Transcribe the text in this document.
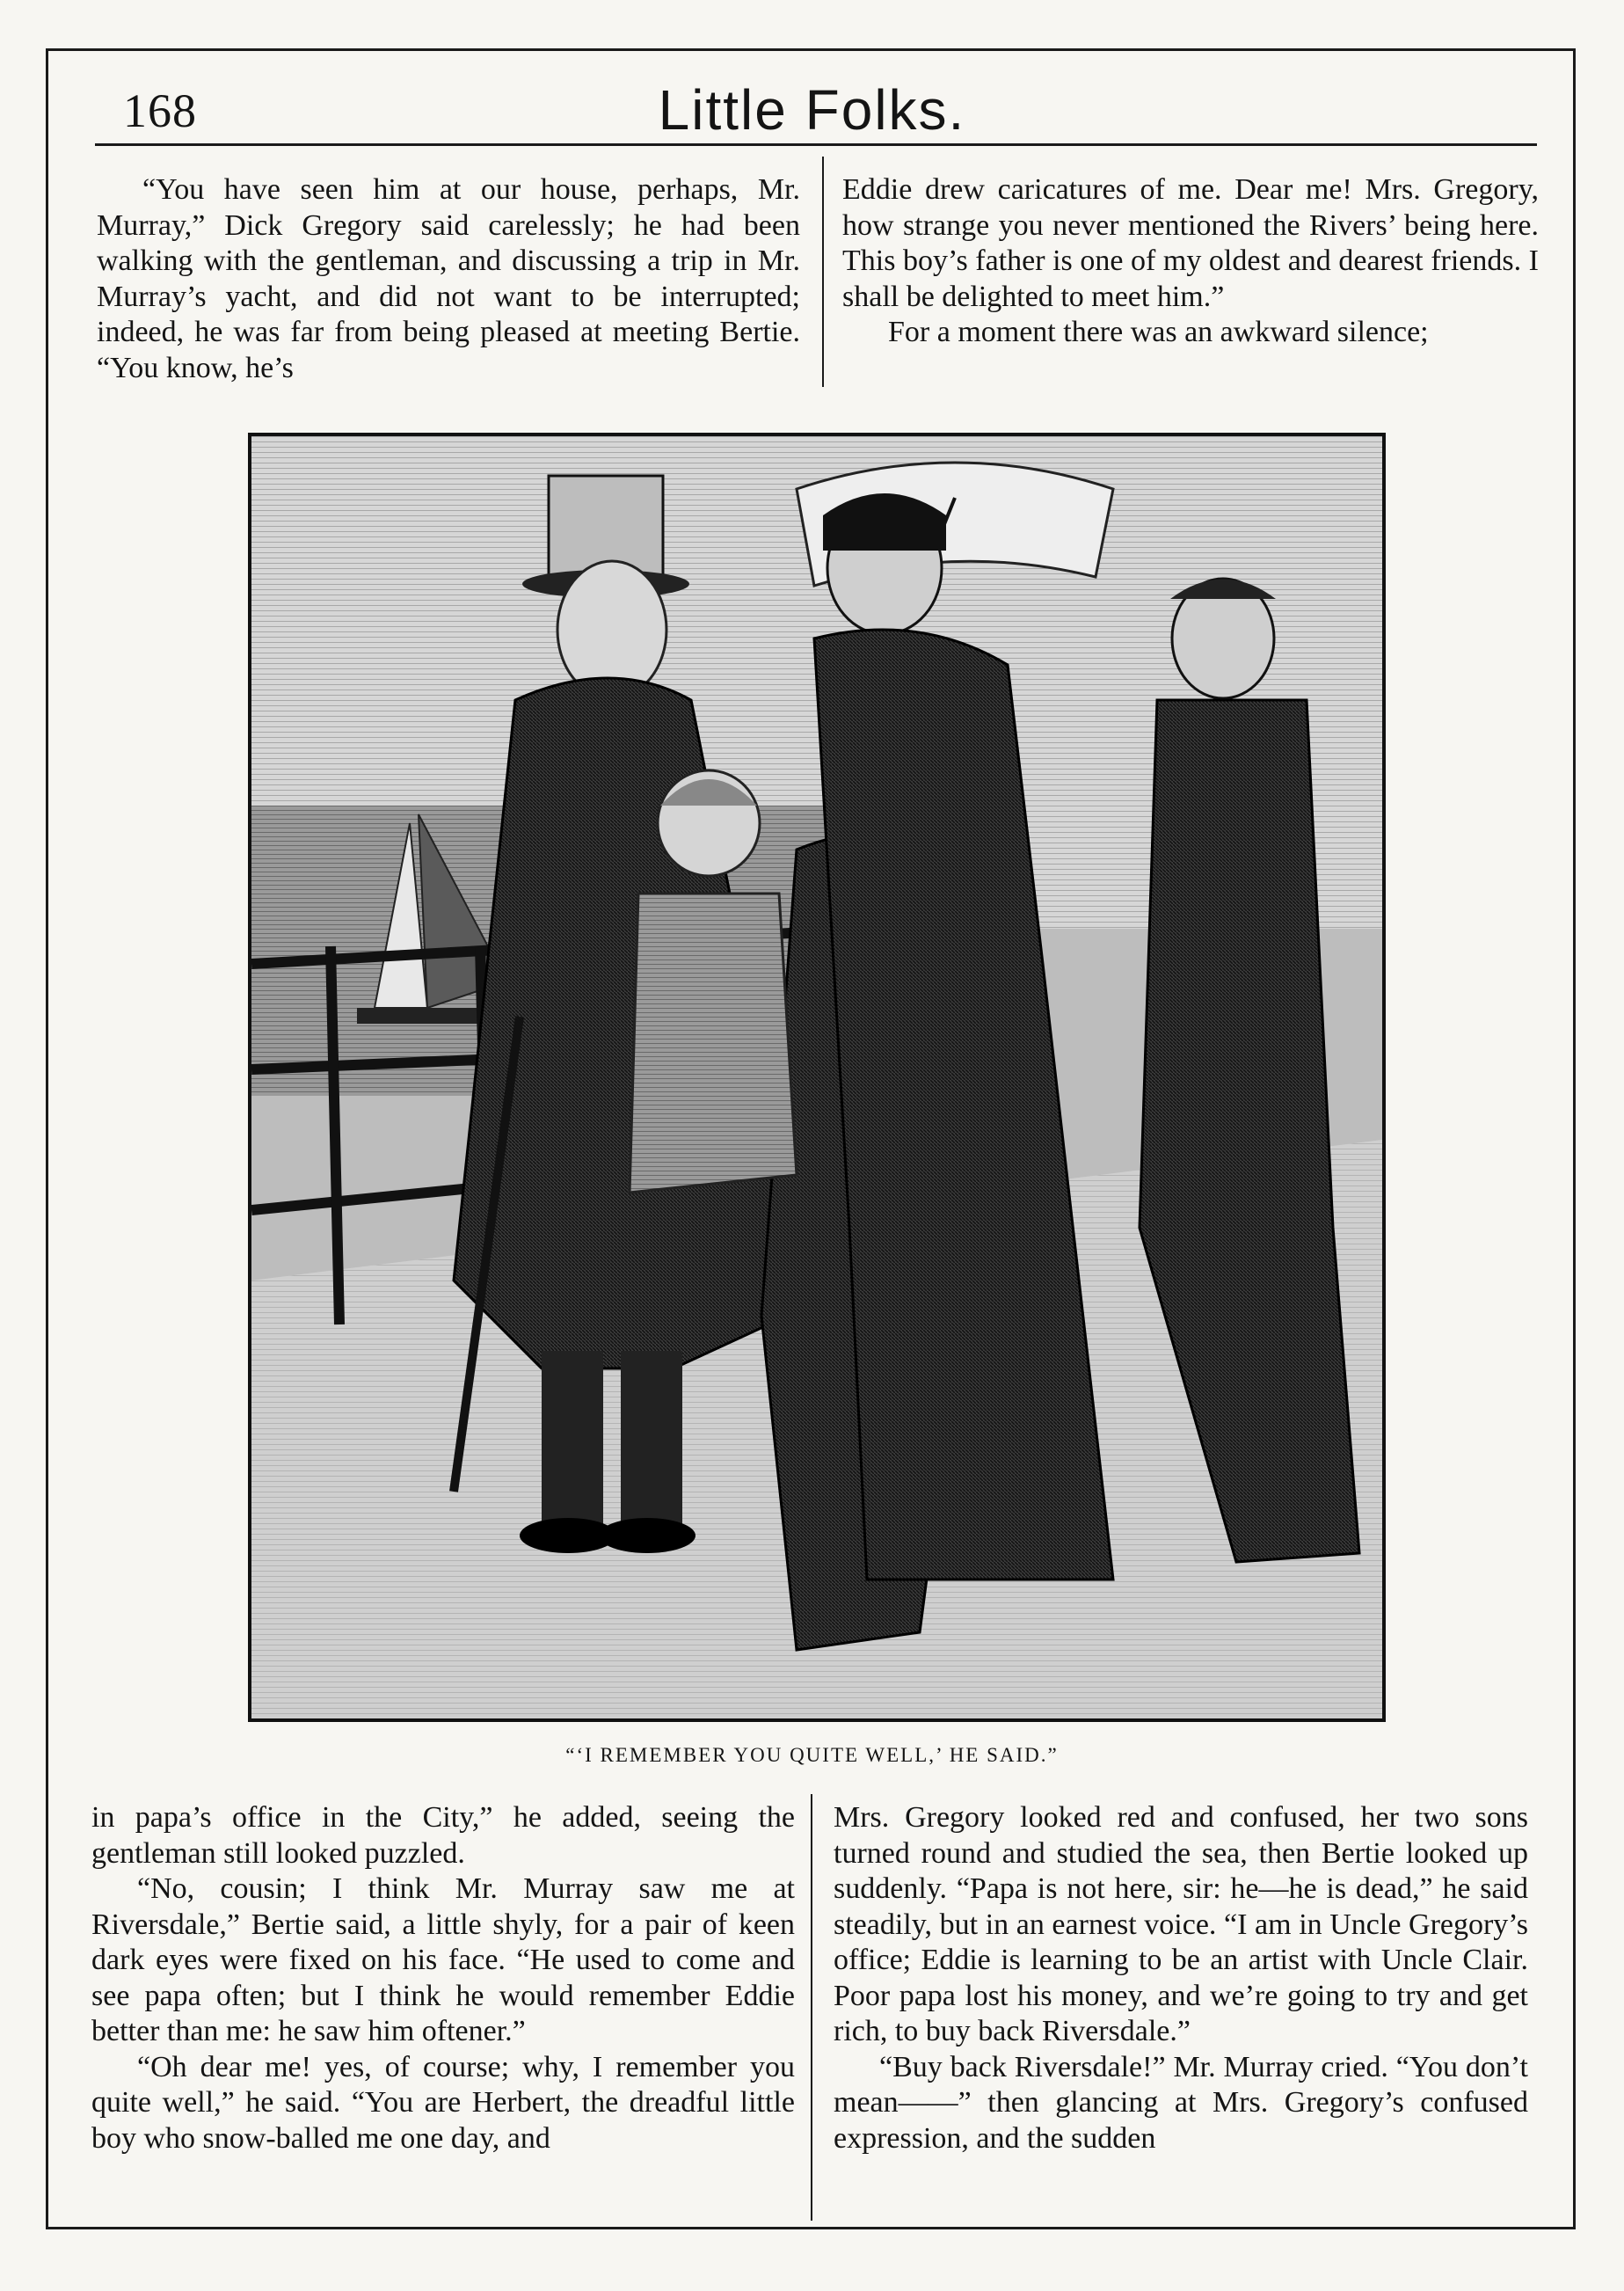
168	Little Folks.

“You have seen him at our house, perhaps, Mr. Murray,” Dick Gregory said carelessly; he had been walking with the gentleman, and discussing a trip in Mr. Murray’s yacht, and did not want to be interrupted; indeed, he was far from being pleased at meeting Bertie. “You know, he’s

Eddie drew caricatures of me. Dear me! Mrs. Gregory, how strange you never mentioned the Rivers’ being here. This boy’s father is one of my oldest and dearest friends. I shall be delighted to meet him.”

For a moment there was an awkward silence;

“‘I REMEMBER YOU QUITE WELL,’ HE SAID.”

in papa’s office in the City,” he added, seeing the gentleman still looked puzzled.

“No, cousin; I think Mr. Murray saw me at Riversdale,” Bertie said, a little shyly, for a pair of keen dark eyes were fixed on his face. “He used to come and see papa often; but I think he would remember Eddie better than me: he saw him oftener.”

“Oh dear me! yes, of course; why, I remember you quite well,” he said. “You are Herbert, the dreadful little boy who snow-balled me one day, and

Mrs. Gregory looked red and confused, her two sons turned round and studied the sea, then Bertie looked up suddenly. “Papa is not here, sir: he—he is dead,” he said steadily, but in an earnest voice. “I am in Uncle Gregory’s office; Eddie is learning to be an artist with Uncle Clair. Poor papa lost his money, and we’re going to try and get rich, to buy back Riversdale.”

“Buy back Riversdale!” Mr. Murray cried. “You don’t mean——” then glancing at Mrs. Gregory’s confused expression, and the sudden
